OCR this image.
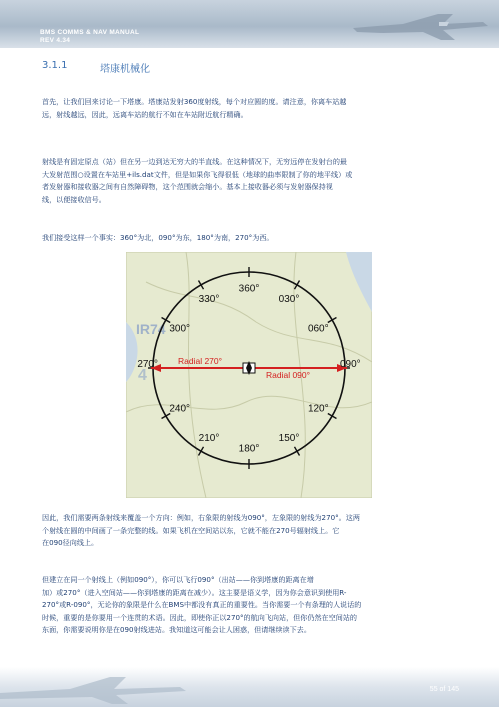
BMS COMMS & NAV MANUAL
REV 4.34
3.1.1	塔康机械化

首先，让我们回来讨论一下塔康。塔康站发射360度射线，每个对应圆的度。请注意，你离车站越
远，射线越远，因此，远离车站的航行不如在车站附近航行精确。

射线是有固定原点（站）但在另一边到达无穷大的半直线。在这种情况下，无穷远停在发射台的最
大发射范围○设置在车站里+ils.dat文件，但是如果你飞得很低（地球的曲率限制了你的地平线）或
者发射器和接收器之间有自然障碍物，这个范围就会缩小。基本上接收器必须与发射器保持视
线，以便接收信号。

我们接受这样一个事实：360°为北，090°为东，180°为南，270°为西。

IR74
4
Radial 270°
Radial 090°
360°
030°
060°
090°
120°
150°
180°
210°
240°
270°
300°
330°

因此，我们需要两条射线来覆盖一个方向：例如，右象限的射线为090°，左象限的射线为270°。这两
个射线在圆的中间画了一条完整的线。如果飞机在空间站以东，它就不能在270号辐射线上。它
在090径向线上。

但建立在同一个射线上（例如090°），你可以飞行090°（出站——你到塔康的距离在增
加）或270°（进入空间站——你到塔康的距离在减少）。这主要是语义学，因为你会意识到使用R-
270°或R-090°，无论你的象限是什么在BMS中都没有真正的重要性。当你需要一个有条理的人说话的
时候，重要的是你要用一个连贯的术语。因此，即使你正以270°的航向飞向站，但你仍然在空间站的
东面，你需要说明你是在090射线进站。我知道这可能会让人困惑，但请继续读下去。

55 of 145
